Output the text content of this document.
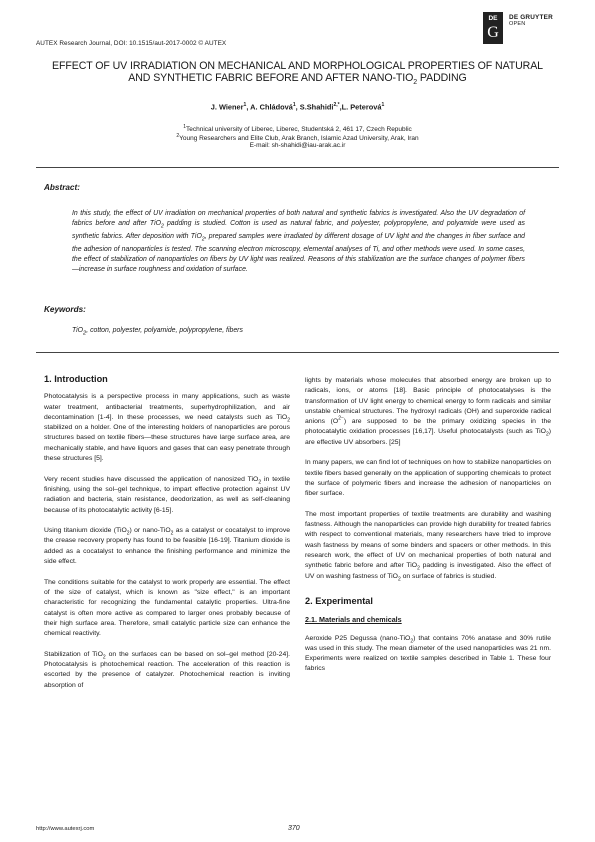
AUTEX Research Journal, DOI: 10.1515/aut-2017-0002 © AUTEX
DE
G
DE GRUYTER
OPEN
EFFECT OF UV IRRADIATION ON MECHANICAL AND MORPHOLOGICAL PROPERTIES OF NATURAL
AND SYNTHETIC FABRIC BEFORE AND AFTER NANO-$TIO_2$ PADDING
J. Wiener$^1$, A. Chládová$^1$, S.Shahidi$^{2,*}$,L. Peterová$^1$
$^1$Technical university of Liberec, Liberec, Studentská 2, 461 17, Czech Republic
$^2$Young Researchers and Elite Club, Arak Branch, Islamic Azad University, Arak, Iran
E-mail: sh-shahidi@iau-arak.ac.ir
Abstract:
In this study, the effect of UV irradiation on mechanical properties of both natural and synthetic fabrics is investigated. Also the UV degradation of fabrics before and after TiO$_2$ padding is studied. Cotton is used as natural fabric, and polyester, polypropylene, and polyamide were used as synthetic fabrics. After deposition with TiO$_2$, prepared samples were irradiated by different dosage of UV light and the changes in fiber surface and the adhesion of nanoparticles is tested. The scanning electron microscopy, elemental analyses of Ti, and other methods were used. In some cases, the effect of stabilization of nanoparticles on fibers by UV light was realized. Reasons of this stabilization are the surface changes of polymer fibers—increase in surface roughness and oxidation of surface.
Keywords:
TiO$_2$, cotton, polyester, polyamide, polypropylene, fibers

1. Introduction

Photocatalysis is a perspective process in many applications, such as waste water treatment, antibacterial treatments, superhydrophilization, and air decontamination [1-4]. In these processes, we need catalysts such as TiO$_2$ stabilized on a holder. One of the interesting holders of nanoparticles are porous structures based on textile fibers—these structures have large surface area, are mechanically stable, and have liquors and gases that can easy penetrate through these structures [5].

Very recent studies have discussed the application of nanosized TiO$_2$ in textile finishing, using the sol–gel technique, to impart effective protection against UV radiation and bacteria, stain resistance, deodorization, as well as self-cleaning because of its photocatalytic activity [6-15].

Using titanium dioxide (TiO$_2$) or nano-TiO$_2$ as a catalyst or cocatalyst to improve the crease recovery property has found to be feasible [16-19]. Titanium dioxide is added as a cocatalyst to enhance the finishing performance and minimize the side effect.

The conditions suitable for the catalyst to work properly are essential. The effect of the size of catalyst, which is known as "size effect," is an important characteristic for recognizing the fundamental catalytic properties. Ultra-fine catalyst is often more active as compared to larger ones probably because of their high surface area. Therefore, small catalytic particle size can enhance the chemical reactivity.

Stabilization of TiO$_2$ on the surfaces can be based on sol–gel method [20-24]. Photocatalysis is photochemical reaction. The acceleration of this reaction is escorted by the presence of catalyzer. Photochemical reaction is inviting absorption of

lights by materials whose molecules that absorbed energy are broken up to radicals, ions, or atoms [18]. Basic principle of photocatalyses is the transformation of UV light energy to chemical energy to form radicals and similar unstable chemical structures. The hydroxyl radicals (OH) and superoxide radical anions $(O^{2-})$ are supposed to be the primary oxidizing species in the photocatalytic oxidation processes [16,17]. Useful photocatalysts (such as TiO$_2$) are effective UV absorbers. [25]

In many papers, we can find lot of techniques on how to stabilize nanoparticles on textile fibers based generally on the application of supporting chemicals to protect the surface of polymeric fibers and increase the adhesion of nanoparticles on fiber surface.

The most important properties of textile treatments are durability and washing fastness. Although the nanoparticles can provide high durability for treated fabrics with respect to conventional materials, many researchers have tried to improve wash fastness by means of some binders and spacers or other methods. In this research work, the effect of UV on mechanical properties of both natural and synthetic fabric before and after TiO$_2$ padding is investigated. Also the effect of UV on washing fastness of TiO$_2$ on surface of fabrics is studied.

2. Experimental

2.1. Materials and chemicals

Aeroxide P25 Degussa (nano-TiO$_2$) that contains 70% anatase and 30% rutile was used in this study. The mean diameter of the used nanoparticles was 21 nm. Experiments were realized on textile samples described in Table 1. These four fabrics

http://www.autexrj.com	370
